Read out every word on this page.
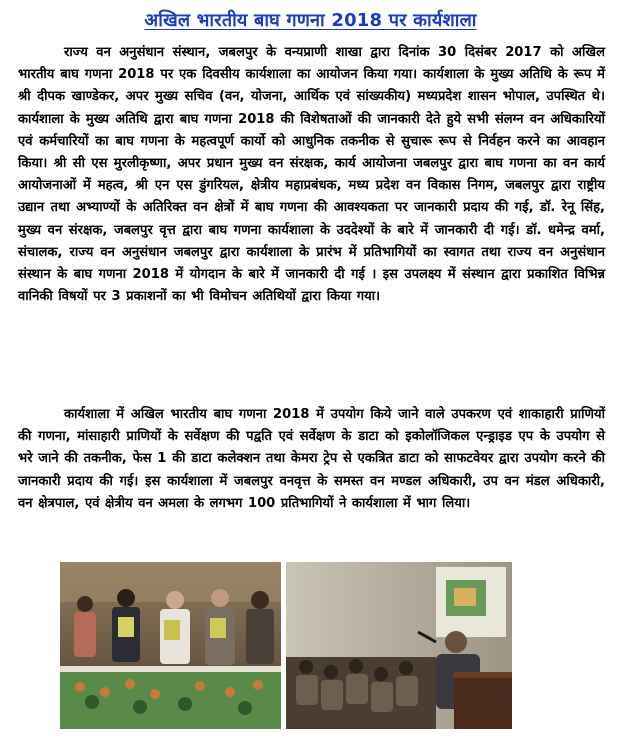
अखिल भारतीय बाघ गणना 2018 पर कार्यशाला

राज्य वन अनुसंधान संस्थान, जबलपुर के वन्यप्राणी शाखा द्वारा दिनांक 30 दिसंबर 2017 को अखिल भारतीय बाघ गणना 2018 पर एक दिवसीय कार्यशाला का आयोजन किया गया। कार्यशाला के मुख्य अतिथि के रूप में श्री दीपक खाण्डेकर, अपर मुख्य सचिव (वन, योजना, आर्थिक एवं सांख्यकीय) मध्यप्रदेश शासन भोपाल, उपस्थित थे। कार्यशाला के मुख्य अतिथि द्वारा बाघ गणना 2018 की विशेषताओं की जानकारी देते हुये सभी संलग्न वन अधिकारियों एवं कर्मचारियों का बाघ गणना के महत्वपूर्ण कार्यो को आधुनिक तकनीक से सुचारू रूप से निर्वहन करने का आवहान किया। श्री सी एस मुरलीकृष्णा, अपर प्रधान मुख्य वन संरक्षक, कार्य आयोजना जबलपुर द्वारा बाघ गणना का वन कार्य आयोजनाओं में महत्व, श्री एन एस डुंगरियल, क्षेत्रीय महाप्रबंधक, मध्य प्रदेश वन विकास निगम, जबलपुर द्वारा राष्ट्रीय उद्यान तथा अभ्याण्यों के अतिरिक्त वन क्षेत्रों में बाघ गणना की आवश्यकता पर जानकारी प्रदाय की गई, डॉ. रेनू सिंह, मुख्य वन संरक्षक, जबलपुर वृत्त द्वारा बाघ गणना कार्यशाला के उददेश्यों के बारे में जानकारी दी गई। डॉ. धमेन्द्र वर्मा, संचालक, राज्य वन अनुसंधान जबलपुर द्वारा कार्यशाला के प्रारंभ में प्रतिभागियों का स्वागत तथा राज्य वन अनुसंधान संस्थान के बाघ गणना 2018 में योगदान के बारे में जानकारी दी गई । इस उपलक्ष्य में संस्थान द्वारा प्रकाशित विभिन्न वानिकी विषयों पर 3 प्रकाशनों का भी विमोचन अतिथियों द्वारा किया गया।

कार्यशाला में अखिल भारतीय बाघ गणना 2018 में उपयोग किये जाने वाले उपकरण एवं शाकाहारी प्राणियों की गणना, मांसाहारी प्राणियों के सर्वेक्षण की पद्वति एवं सर्वेक्षण के डाटा को इकोलॉजिकल एन्ड्राइड एप के उपयोग से भरे जाने की तकनीक, फेस 1 की डाटा कलेक्शन तथा केमरा ट्रेप से एकत्रित डाटा को साफटवेयर द्वारा उपयोग करने की जानकारी प्रदाय की गई। इस कार्यशाला में जबलपुर वनवृत्त के समस्त वन मण्डल अधिकारी, उप वन मंडल अधिकारी, वन क्षेत्रपाल, एवं क्षेत्रीय वन अमला के लगभग 100 प्रतिभागियों ने कार्यशाला में भाग लिया।
